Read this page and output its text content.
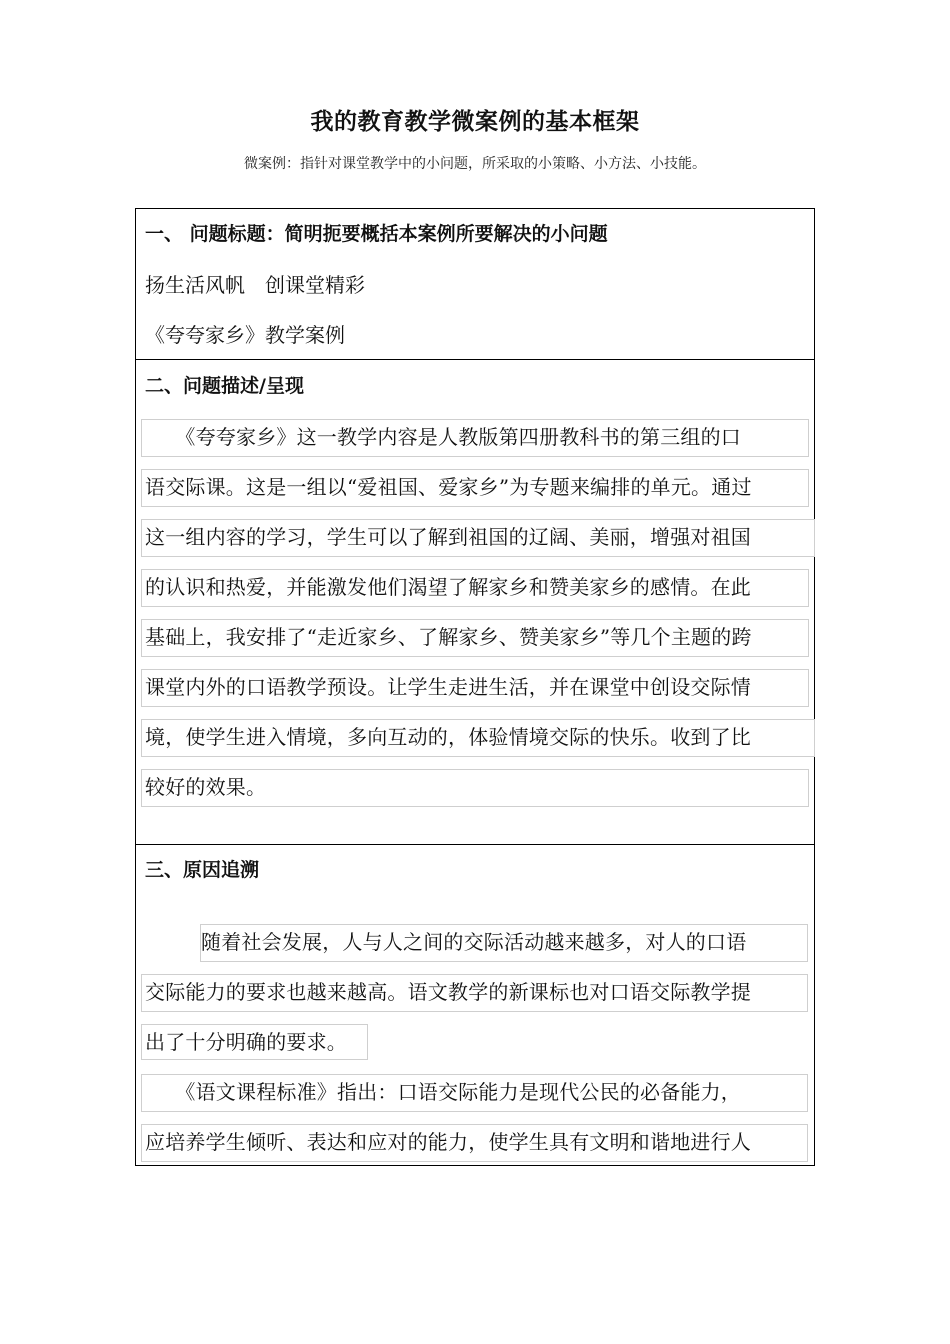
我的教育教学微案例的基本框架
微案例：指针对课堂教学中的小问题，所采取的小策略、小方法、小技能。
一、 问题标题：简明扼要概括本案例所要解决的小问题
扬生活风帆　创课堂精彩
《夸夸家乡》教学案例
二、问题描述/呈现
　　《夸夸家乡》这一教学内容是人教版第四册教科书的第三组的口
语交际课。这是一组以“爱祖国、爱家乡”为专题来编排的单元。通过
这一组内容的学习，学生可以了解到祖国的辽阔、美丽，增强对祖国
的认识和热爱，并能激发他们渴望了解家乡和赞美家乡的感情。在此
基础上，我安排了“走近家乡、了解家乡、赞美家乡”等几个主题的跨
课堂内外的口语教学预设。让学生走进生活，并在课堂中创设交际情
境，使学生进入情境，多向互动的，体验情境交际的快乐。收到了比
较好的效果。
三、原因追溯
随着社会发展，人与人之间的交际活动越来越多，对人的口语
交际能力的要求也越来越高。语文教学的新课标也对口语交际教学提
出了十分明确的要求。
　　《语文课程标准》指出：口语交际能力是现代公民的必备能力，
应培养学生倾听、表达和应对的能力，使学生具有文明和谐地进行人
